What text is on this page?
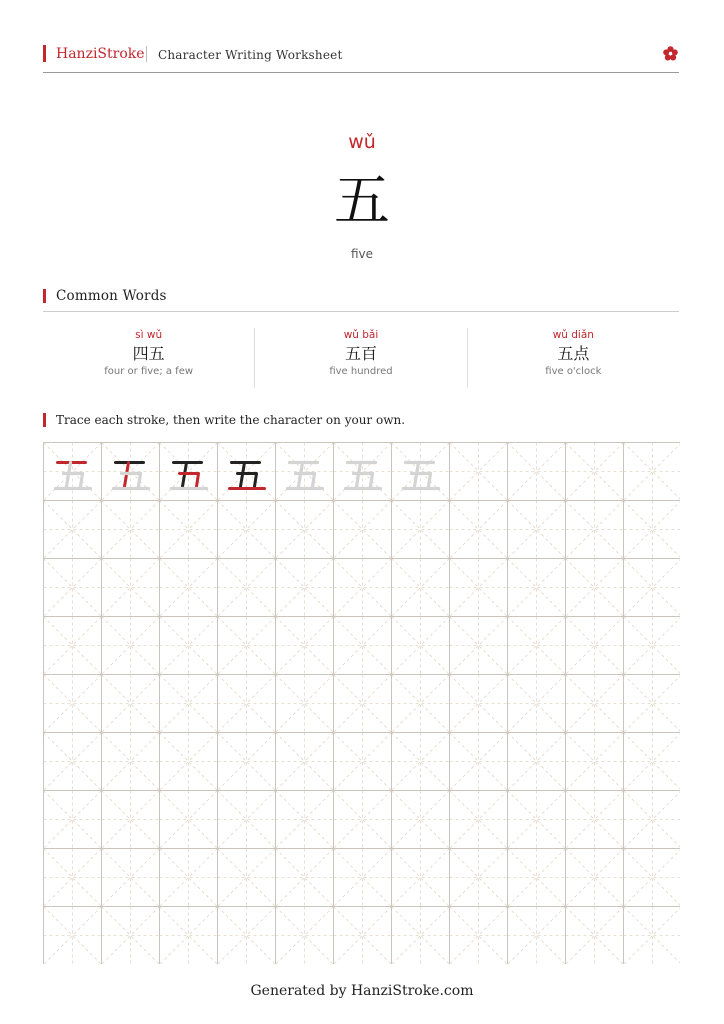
HanziStroke Character Writing Worksheet
wǔ
五
five
Common Words
sì wǔ
四五
four or five; a few
wǔ bǎi
五百
five hundred
wǔ diǎn
五点
five o'clock
Trace each stroke, then write the character on your own.
Generated by HanziStroke.com
